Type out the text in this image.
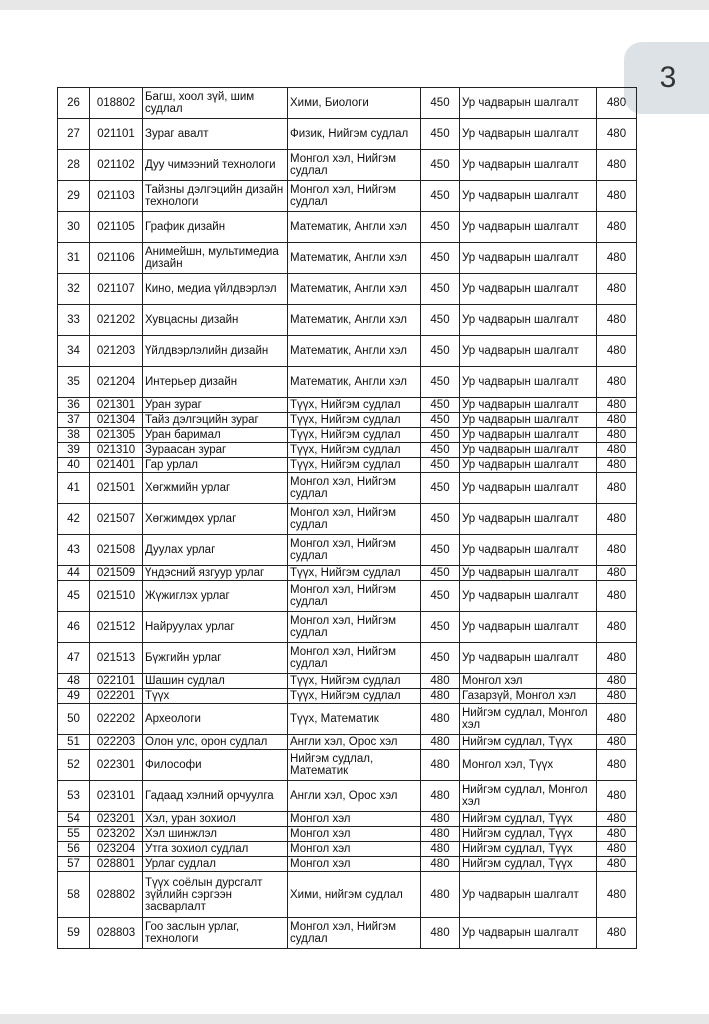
3
26	018802	Багш, хоол зүй, шим судлал	Хими, Биологи	450	Ур чадварын шалгалт	480
27	021101	Зураг авалт	Физик, Нийгэм судлал	450	Ур чадварын шалгалт	480
28	021102	Дуу чимээний технологи	Монгол хэл, Нийгэм судлал	450	Ур чадварын шалгалт	480
29	021103	Тайзны дэлгэцийн дизайн технологи	Монгол хэл, Нийгэм судлал	450	Ур чадварын шалгалт	480
30	021105	График дизайн	Математик, Англи хэл	450	Ур чадварын шалгалт	480
31	021106	Анимейшн, мультимедиа дизайн	Математик, Англи хэл	450	Ур чадварын шалгалт	480
32	021107	Кино, медиа үйлдвэрлэл	Математик, Англи хэл	450	Ур чадварын шалгалт	480
33	021202	Хувцасны дизайн	Математик, Англи хэл	450	Ур чадварын шалгалт	480
34	021203	Үйлдвэрлэлийн дизайн	Математик, Англи хэл	450	Ур чадварын шалгалт	480
35	021204	Интерьер дизайн	Математик, Англи хэл	450	Ур чадварын шалгалт	480
36	021301	Уран зураг	Түүх, Нийгэм судлал	450	Ур чадварын шалгалт	480
37	021304	Тайз дэлгэцийн зураг	Түүх, Нийгэм судлал	450	Ур чадварын шалгалт	480
38	021305	Уран баримал	Түүх, Нийгэм судлал	450	Ур чадварын шалгалт	480
39	021310	Зураасан зураг	Түүх, Нийгэм судлал	450	Ур чадварын шалгалт	480
40	021401	Гар урлал	Түүх, Нийгэм судлал	450	Ур чадварын шалгалт	480
41	021501	Хөгжмийн урлаг	Монгол хэл, Нийгэм судлал	450	Ур чадварын шалгалт	480
42	021507	Хөгжимдөх урлаг	Монгол хэл, Нийгэм судлал	450	Ур чадварын шалгалт	480
43	021508	Дуулах урлаг	Монгол хэл, Нийгэм судлал	450	Ур чадварын шалгалт	480
44	021509	Үндэсний язгуур урлаг	Түүх, Нийгэм судлал	450	Ур чадварын шалгалт	480
45	021510	Жүжиглэх урлаг	Монгол хэл, Нийгэм судлал	450	Ур чадварын шалгалт	480
46	021512	Найруулах урлаг	Монгол хэл, Нийгэм судлал	450	Ур чадварын шалгалт	480
47	021513	Бүжгийн урлаг	Монгол хэл, Нийгэм судлал	450	Ур чадварын шалгалт	480
48	022101	Шашин судлал	Түүх, Нийгэм судлал	480	Монгол хэл	480
49	022201	Түүх	Түүх, Нийгэм судлал	480	Газарзүй, Монгол хэл	480
50	022202	Археологи	Түүх, Математик	480	Нийгэм судлал, Монгол хэл	480
51	022203	Олон улс, орон судлал	Англи хэл, Орос хэл	480	Нийгэм судлал, Түүх	480
52	022301	Философи	Нийгэм судлал, Математик	480	Монгол хэл, Түүх	480
53	023101	Гадаад хэлний орчуулга	Англи хэл, Орос хэл	480	Нийгэм судлал, Монгол хэл	480
54	023201	Хэл, уран зохиол	Монгол хэл	480	Нийгэм судлал, Түүх	480
55	023202	Хэл шинжлэл	Монгол хэл	480	Нийгэм судлал, Түүх	480
56	023204	Утга зохиол судлал	Монгол хэл	480	Нийгэм судлал, Түүх	480
57	028801	Урлаг судлал	Монгол хэл	480	Нийгэм судлал, Түүх	480
58	028802	Түүх соёлын дурсгалт зүйлийн сэргээн засварлалт	Хими, нийгэм судлал	480	Ур чадварын шалгалт	480
59	028803	Гоо заслын урлаг, технологи	Монгол хэл, Нийгэм судлал	480	Ур чадварын шалгалт	480
